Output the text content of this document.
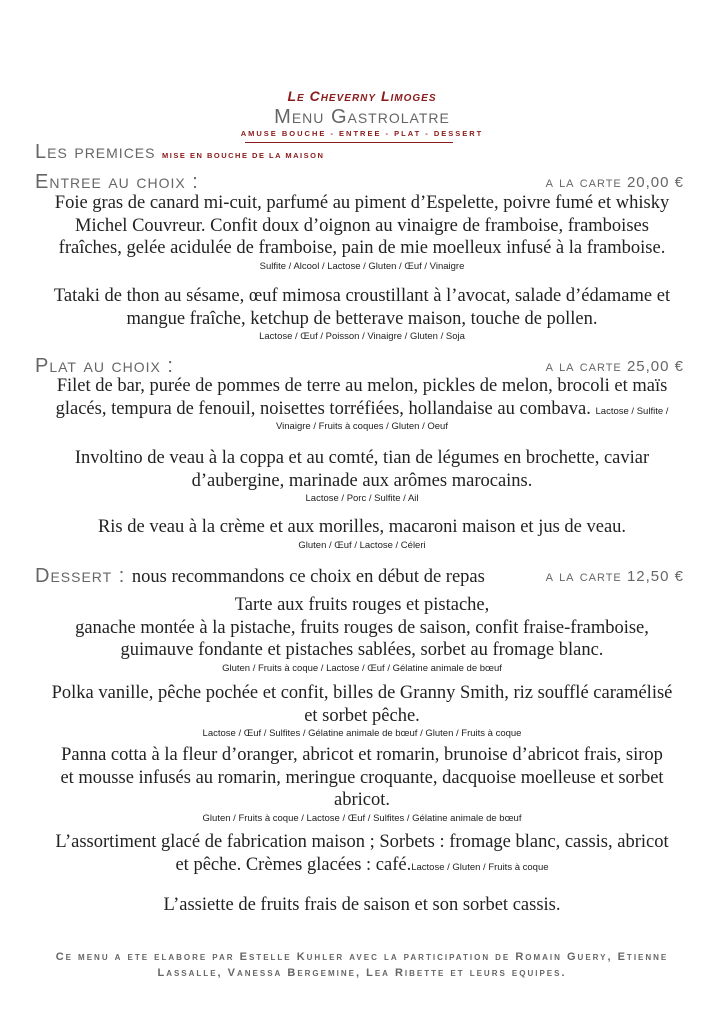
Le Cheverny Limoges
Menu Gastrolatre
AMUSE BOUCHE - ENTREE - PLAT - DESSERT
Les premices MISE EN BOUCHE DE LA MAISON
Entree au choix :	a la carte 20,00 €
Foie gras de canard mi-cuit, parfumé au piment d’Espelette, poivre fumé et whisky
Michel Couvreur. Confit doux d’oignon au vinaigre de framboise, framboises
fraîches, gelée acidulée de framboise, pain de mie moelleux infusé à la framboise.
Sulfite / Alcool / Lactose / Gluten / Œuf / Vinaigre
Tataki de thon au sésame, œuf mimosa croustillant à l’avocat, salade d’édamame et
mangue fraîche, ketchup de betterave maison, touche de pollen.
Lactose / Œuf / Poisson / Vinaigre / Gluten / Soja
Plat au choix :	a la carte 25,00 €
Filet de bar, purée de pommes de terre au melon, pickles de melon, brocoli et maïs
glacés, tempura de fenouil, noisettes torréfiées, hollandaise au combava. Lactose / Sulfite /
Vinaigre / Fruits à coques / Gluten / Oeuf
Involtino de veau à la coppa et au comté, tian de légumes en brochette, caviar
d’aubergine, marinade aux arômes marocains.
Lactose / Porc / Sulfite / Ail
Ris de veau à la crème et aux morilles, macaroni maison et jus de veau.
Gluten / Œuf / Lactose / Céleri
Dessert : nous recommandons ce choix en début de repas	a la carte 12,50 €
Tarte aux fruits rouges et pistache,
ganache montée à la pistache, fruits rouges de saison, confit fraise-framboise,
guimauve fondante et pistaches sablées, sorbet au fromage blanc.
Gluten / Fruits à coque / Lactose / Œuf / Gélatine animale de bœuf
Polka vanille, pêche pochée et confit, billes de Granny Smith, riz soufflé caramélisé
et sorbet pêche.
Lactose / Œuf / Sulfites / Gélatine animale de bœuf / Gluten / Fruits à coque
Panna cotta à la fleur d’oranger, abricot et romarin, brunoise d’abricot frais, sirop
et mousse infusés au romarin, meringue croquante, dacquoise moelleuse et sorbet
abricot.
Gluten / Fruits à coque / Lactose / Œuf / Sulfites / Gélatine animale de bœuf
L’assortiment glacé de fabrication maison ; Sorbets : fromage blanc, cassis, abricot
et pêche. Crèmes glacées : café.Lactose / Gluten / Fruits à coque
L’assiette de fruits frais de saison et son sorbet cassis.
Ce menu a ete elabore par Estelle Kuhler avec la participation de Romain Guery, Etienne
Lassalle, Vanessa Bergemine, Lea Ribette et leurs equipes.
